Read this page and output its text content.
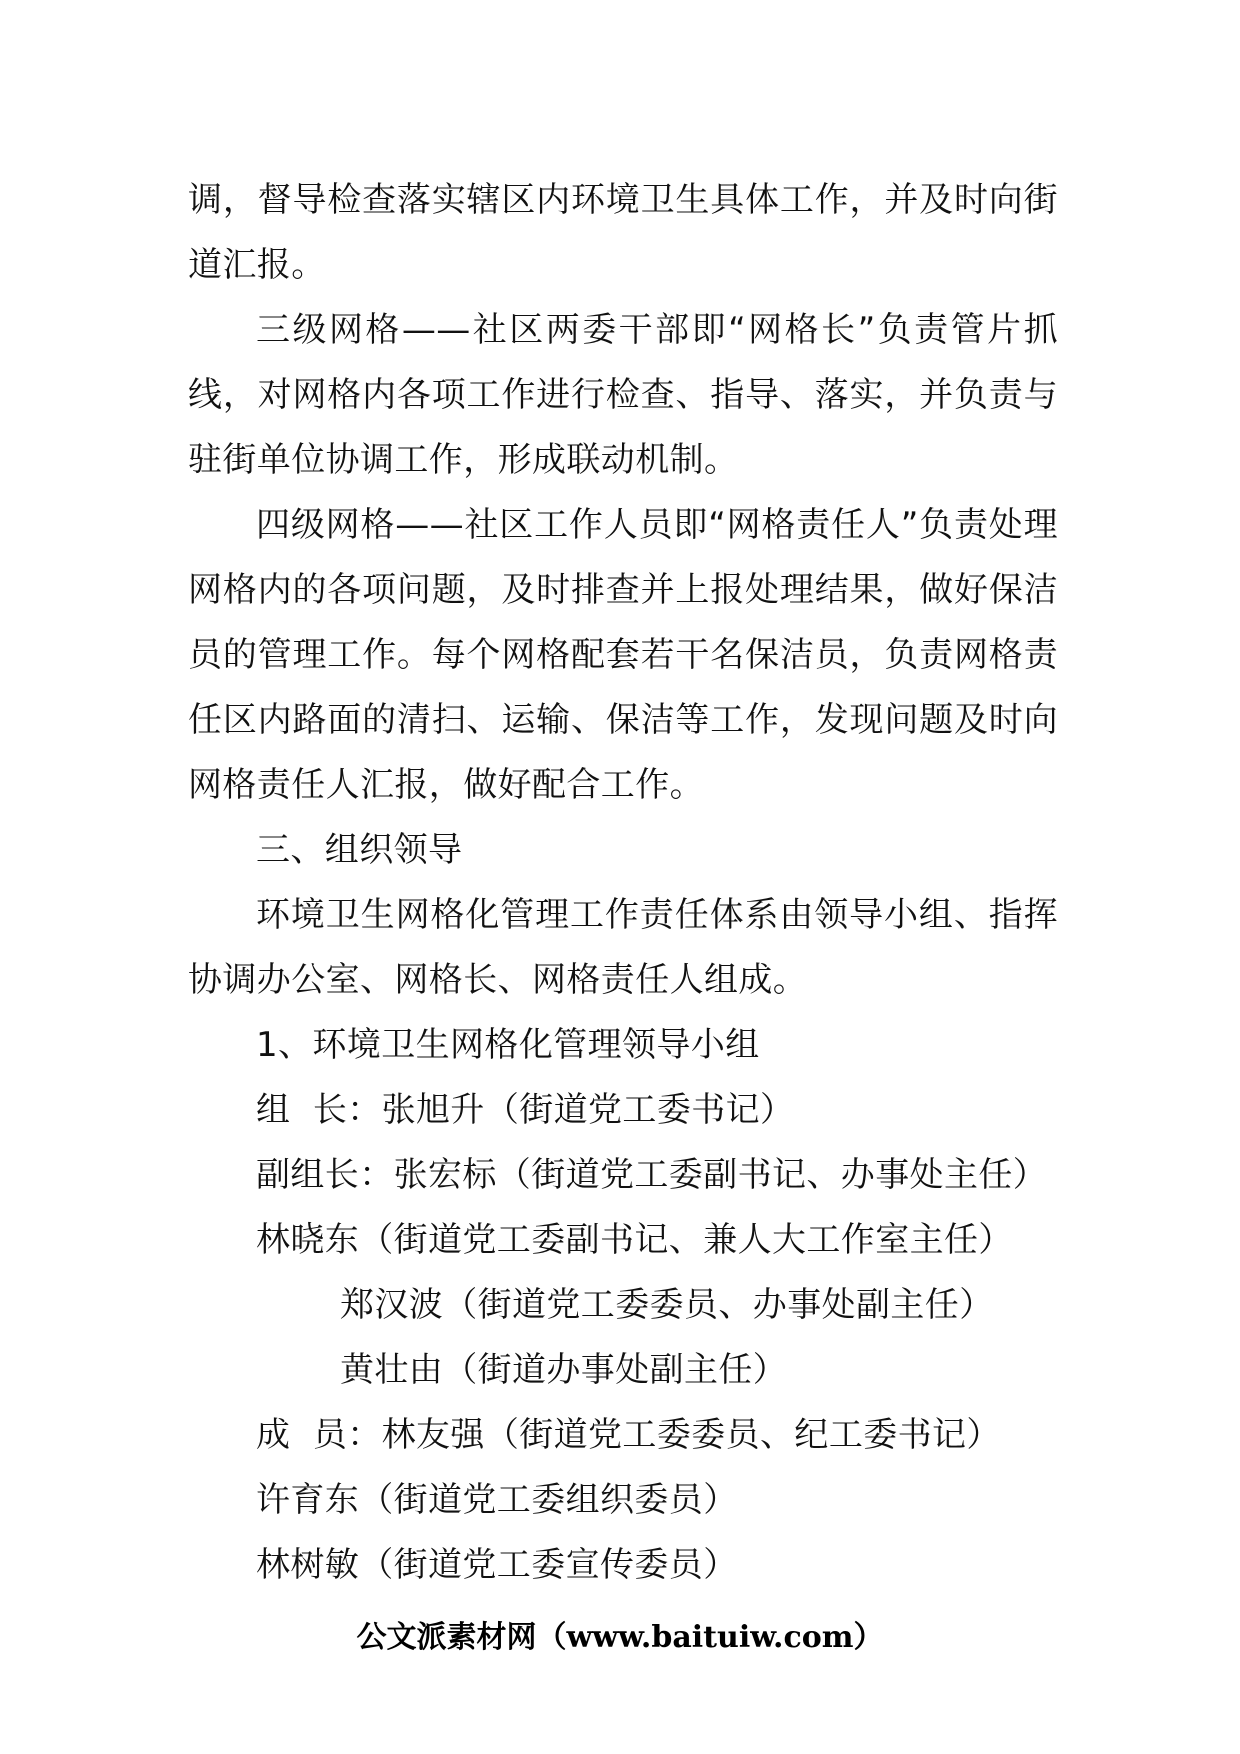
调，督导检查落实辖区内环境卫生具体工作，并及时向街道汇报。

三级网格——社区两委干部即“网格长”负责管片抓线，对网格内各项工作进行检查、指导、落实，并负责与驻街单位协调工作，形成联动机制。

四级网格——社区工作人员即“网格责任人”负责处理网格内的各项问题，及时排查并上报处理结果，做好保洁员的管理工作。每个网格配套若干名保洁员，负责网格责任区内路面的清扫、运输、保洁等工作，发现问题及时向网格责任人汇报，做好配合工作。

三、组织领导

环境卫生网格化管理工作责任体系由领导小组、指挥协调办公室、网格长、网格责任人组成。

1、环境卫生网格化管理领导小组

组  长：张旭升（街道党工委书记）

副组长：张宏标（街道党工委副书记、办事处主任）

林晓东（街道党工委副书记、兼人大工作室主任）

郑汉波（街道党工委委员、办事处副主任）

黄壮由（街道办事处副主任）

成  员：林友强（街道党工委委员、纪工委书记）

许育东（街道党工委组织委员）

林树敏（街道党工委宣传委员）

公文派素材网（www.baituiw.com）
